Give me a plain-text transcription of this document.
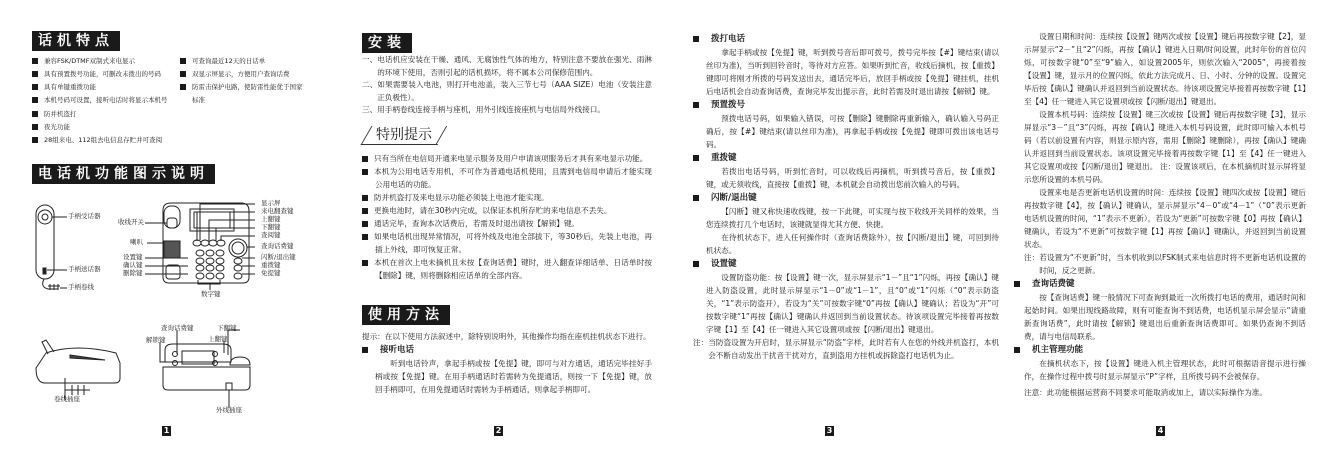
话机特点
兼容FSK/DTMF双制式来电显示
具有预置拨号功能，可删改未拨出的号码
具有单键重拨功能
本机号码可设置，接听电话时将显示本机号
防并机盗打
夜光功能
28组来电、112组去电信息存贮并可查阅
可查询最近12天的日话单
双显示屏显示，方便用户查询话费
防雷击保护电路，使防雷性能优于国家标准
电话机功能图示说明
手柄受话器
手柄送话器
手柄卷线
收线开关
喇叭
设置键
确认键
删除键
显示屏
来电翻查键
上翻键
下翻键
查阅键
查询话费键
闪断/退出键
重拨键
免提键
数字键
卷线插座
查询话费键	下翻键
上翻键
解锁键
外线插座
1
安装

一、电话机应安装在干燥、通风、无腐蚀性气体的地方，特别注意不要放在强光、雨淋的环境下使用，否则引起的话机损坏，将不属本公司保修范围内。

二、如果需要装入电池，则打开电池盖，装入三节七号（AAA SIZE）电池（安装注意正负极性）。

三、用手柄卷线连接手柄与座机，用外引线连接座机与电信局外线接口。

特别提示

只有当所在电信局开通来电显示服务及用户申请该项服务后才具有来电显示功能。

本机为公用电话专用机，不可作为普通电话机使用，且需到电信局申请后才能实现公用电话的功能。

防并机盗打及来电显示功能必须装上电池才能实现。

更换电池时，请在30秒内完成，以保证本机所存贮的来电信息不丢失。

通话完毕，查询本次话费后，若需及时退出请按【解锁】键。

如果电话机出现异常情况，可将外线及电池全部拔下，等30秒后，先装上电池，再插上外线，即可恢复正常。

本机在首次上电未摘机且未按【查询话费】键时，进入翻查详细话单、日话单时按【删除】键，则将删除相应话单的全部内容。

使用方法

提示：在以下使用方法叙述中，除特别说明外，其他操作均指在座机挂机状态下进行。

接听电话

听到电话铃声，拿起手柄或按【免提】键，即可与对方通话，通话完毕挂好手柄或按【免提】键。在用手柄通话时若需转为免提通话，则按一下【免提】键，放回手柄即可，在用免提通话时需转为手柄通话，则拿起手柄即可。

2

拨打电话

拿起手柄或按【免提】键，听到拨号音后即可拨号，拨号完毕按【#】键结束(请以丝印为准)，当听到回铃音时，等待对方应答。如果听到忙音，收线后摘机，按【重拨】键即可将刚才所拨的号码发送出去，通话完毕后，放回手柄或按【免提】键挂机，挂机后电话机会自动查询话费，查询完毕发出提示音，此时若需及时退出请按【解锁】键。

预置拨号

预拨电话号码，如果输入错误，可按【删除】键删除再重新输入，确认输入号码正确后，按【#】键结束(请以丝印为准)，再拿起手柄或按【免提】键即可拨出该电话号码。

重拨键

若拨出电话号码，听到忙音时，可以收线后再摘机，听到拨号音后，按【重拨】键，或无须收线，直接按【重拨】键，本机就会自动拨出您前次输入的号码。

闪断/退出键

【闪断】键又称快速收线键，按一下此键，可实现与按下收线开关同样的效果，当您连续拨打几个电话时，该键就显得尤其方便、快捷。

在待机状态下，进入任何操作时（查询话费除外），按【闪断/退出】键，可回到待机状态。

设置键

设置防盗功能：按【设置】键一次，显示屏显示“1－”且“1”闪烁，再按【确认】键进入防盗设置，此时显示屏显示“1－0”或“1－1”，且“0”或“1”闪烁（“0”表示防盗关，“1”表示防盗开），若设为“关”可按数字键“0”再按【确认】键确认；若设为“开”可按数字键“1”再按【确认】键确认并返回到当前设置状态。待该项设置完毕接着再按数字键【1】至【4】任一键进入其它设置项或按【闪断/退出】键退出。

注：当防盗设置为开启时，显示屏显示“防盗”字样，此时若有人在您的外线并机盗打，本机会不断自动发出干扰音干扰对方，直到盗用方挂机或拆除盗打电话机为止。

3

设置日期和时间：连续按【设置】键两次或按【设置】键后再按数字键【2】，显示屏显示“2－”且“2”闪烁，再按【确认】键进入日期/时间设置，此时年份的首位闪烁，可按数字键“0”至“9”输入，如设置2005年，则依次输入“2005”，再接着按【设置】键，显示月的位置闪烁，依此方法完成月、日、小时、分钟的设置。设置完毕后按【确认】键确认并返回到当前设置状态。待该项设置完毕接着再按数字键【1】至【4】任一键进入其它设置项或按【闪断/退出】键退出。

设置本机号码：连续按【设置】键三次或按【设置】键后再按数字键【3】，显示屏显示“3－”且“3”闪烁，再按【确认】键进入本机号码设置，此时即可输入本机号码（若以前设置有内容，则显示原内容，需用【删除】键删除），再按【确认】键确认并返回到当前设置状态。该项设置完毕接着再按数字键【1】至【4】任一键进入其它设置项或按【闪断/退出】键退出。 注：设置该项后，在本机摘机时显示屏将显示您所设置的本机号码。

设置来电是否更新电话机设置的时间：连续按【设置】键四次或按【设置】键后再按数字键【4】，按【确认】键确认，显示屏显示“4－0”或“4－1”（“0”表示更新电话机设置的时间，“1”表示不更新），若设为“更新”可按数字键【0】再按【确认】键确认，若设为“不更新”可按数字键【1】再按【确认】键确认，并返回到当前设置状态。

注：若设置为“不更新”时，当本机收到以FSK制式来电信息时将不更新电话机设置的时间，反之更新。

查询话费键

按【查询话费】键一般情况下可查询到最近一次所拨打电话的费用，通话时间和起始时间。如果出现线路故障，则有可能查询不到话费，电话机显示屏会显示“请重新查询话费”，此时请按【解锁】键退出后重新查询话费即可。如果仍查询不到话费，请与电信局联系。

机主管理功能

在摘机状态下，按【设置】键进入机主管理状态，此时可根据语音提示进行操作，在操作过程中拨号时显示屏显示“P”字样，且所拨号码不会被保存。

注意：此功能根据运营商不同要求可能取消或加上，请以实际操作为准。

4
